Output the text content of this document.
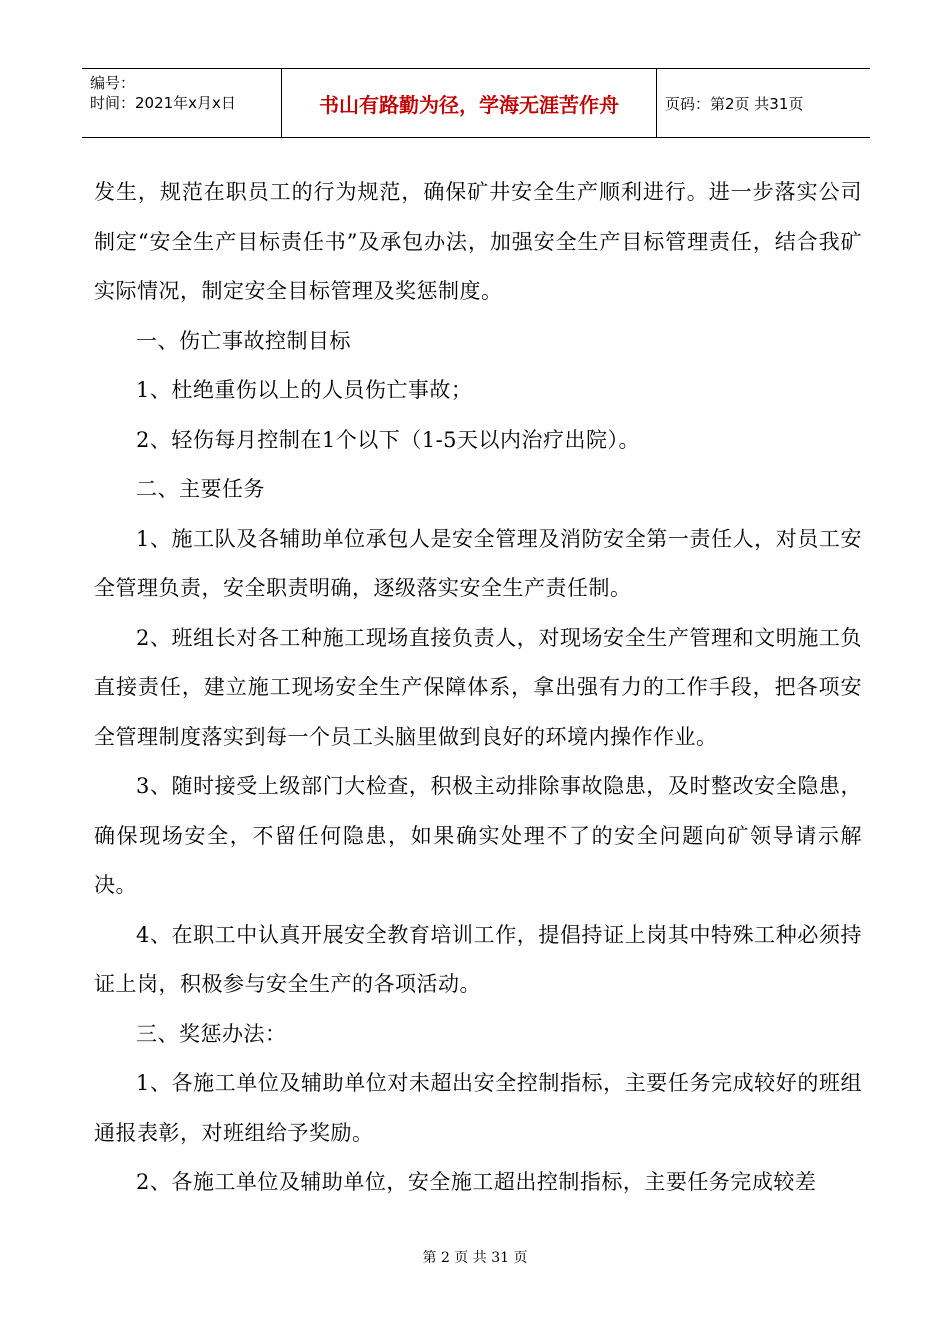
编号：
时间：2021年x月x日	书山有路勤为径，学海无涯苦作舟	页码：第2页 共31页

发生，规范在职员工的行为规范，确保矿井安全生产顺利进行。进一步落实公司制定“安全生产目标责任书”及承包办法，加强安全生产目标管理责任，结合我矿实际情况，制定安全目标管理及奖惩制度。

一、伤亡事故控制目标

1、杜绝重伤以上的人员伤亡事故；

2、轻伤每月控制在1个以下（1-5天以内治疗出院）。

二、主要任务

1、施工队及各辅助单位承包人是安全管理及消防安全第一责任人，对员工安全管理负责，安全职责明确，逐级落实安全生产责任制。

2、班组长对各工种施工现场直接负责人，对现场安全生产管理和文明施工负直接责任，建立施工现场安全生产保障体系，拿出强有力的工作手段，把各项安全管理制度落实到每一个员工头脑里做到良好的环境内操作作业。

3、随时接受上级部门大检查，积极主动排除事故隐患，及时整改安全隐患，确保现场安全，不留任何隐患，如果确实处理不了的安全问题向矿领导请示解决。

4、在职工中认真开展安全教育培训工作，提倡持证上岗其中特殊工种必须持证上岗，积极参与安全生产的各项活动。

三、奖惩办法：

1、各施工单位及辅助单位对未超出安全控制指标，主要任务完成较好的班组通报表彰，对班组给予奖励。

2、各施工单位及辅助单位，安全施工超出控制指标，主要任务完成较差

第 2 页 共 31 页
